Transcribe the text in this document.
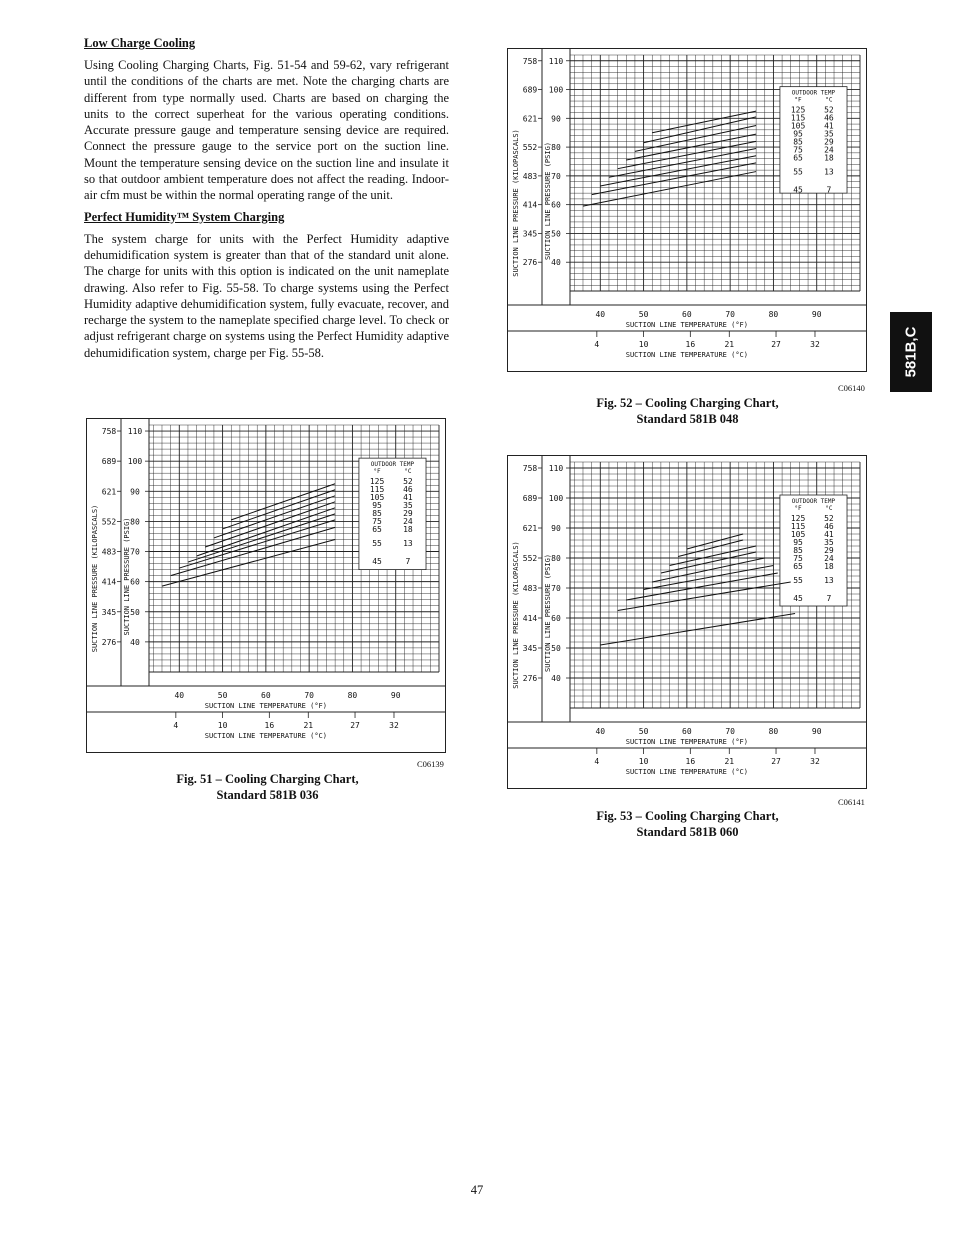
Low Charge Cooling
Using Cooling Charging Charts, Fig. 51-54 and 59-62, vary refrigerant until the conditions of the charts are met. Note the charging charts are different from type normally used. Charts are based on charging the units to the correct superheat for the various operating conditions. Accurate pressure gauge and temperature sensing device are required. Connect the pressure gauge to the service port on the suction line. Mount the temperature sensing device on the suction line and insulate it so that outdoor ambient temperature does not affect the reading. Indoor-air cfm must be within the normal operating range of the unit.
Perfect Humidity™ System Charging
The system charge for units with the Perfect Humidity adaptive dehumidification system is greater than that of the standard unit alone. The charge for units with this option is indicated on the unit nameplate drawing. Also refer to Fig. 55-58. To charge systems using the Perfect Humidity adaptive dehumidification system, fully evacuate, recover, and recharge the system to the nameplate specified charge level. To check or adjust refrigerant charge on systems using the Perfect Humidity adaptive dehumidification system, charge per Fig. 55-58.
110
100
90
80
70
60
50
40
758
689
621
552
483
414
345
276
SUCTION LINE PRESSURE (KILOPASCALS)	SUCTION LINE PRESSURE (PSIG)
40	50	60	70	80	90
SUCTION LINE TEMPERATURE (°F)
4	10	16	21	27	32
SUCTION LINE TEMPERATURE (°C)
OUTDOOR TEMP
°F	°C
125 52
115 46
105 41
95	35
85	29
75	24
65	18
55	13
45	7
C06139
Fig. 51 – Cooling Charging Chart,
Standard 581B 036
110
100
90
80
70
60
50
40
758
689
621
552
483
414
345
276
SUCTION LINE PRESSURE (KILOPASCALS)	SUCTION LINE PRESSURE (PSIG)
40	50	60	70	80	90
SUCTION LINE TEMPERATURE (°F)
4	10	16	21	27	32
SUCTION LINE TEMPERATURE (°C)
OUTDOOR TEMP
°F	°C
125 52
115 46
105 41
95	35
85	29
75	24
65	18
55	13
45	7
C06140
Fig. 52 – Cooling Charging Chart,
Standard 581B 048
110
100
90
80
70
60
50
40
758
689
621
552
483
414
345
276
SUCTION LINE PRESSURE (KILOPASCALS)	SUCTION LINE PRESSURE (PSIG)
40	50	60	70	80	90
SUCTION LINE TEMPERATURE (°F)
4	10	16	21	27	32
SUCTION LINE TEMPERATURE (°C)
OUTDOOR TEMP
°F	°C
125 52
115 46
105 41
95	35
85	29
75	24
65	18
55	13
45	7
C06141
Fig. 53 – Cooling Charging Chart,
Standard 581B 060
581B,C
47
